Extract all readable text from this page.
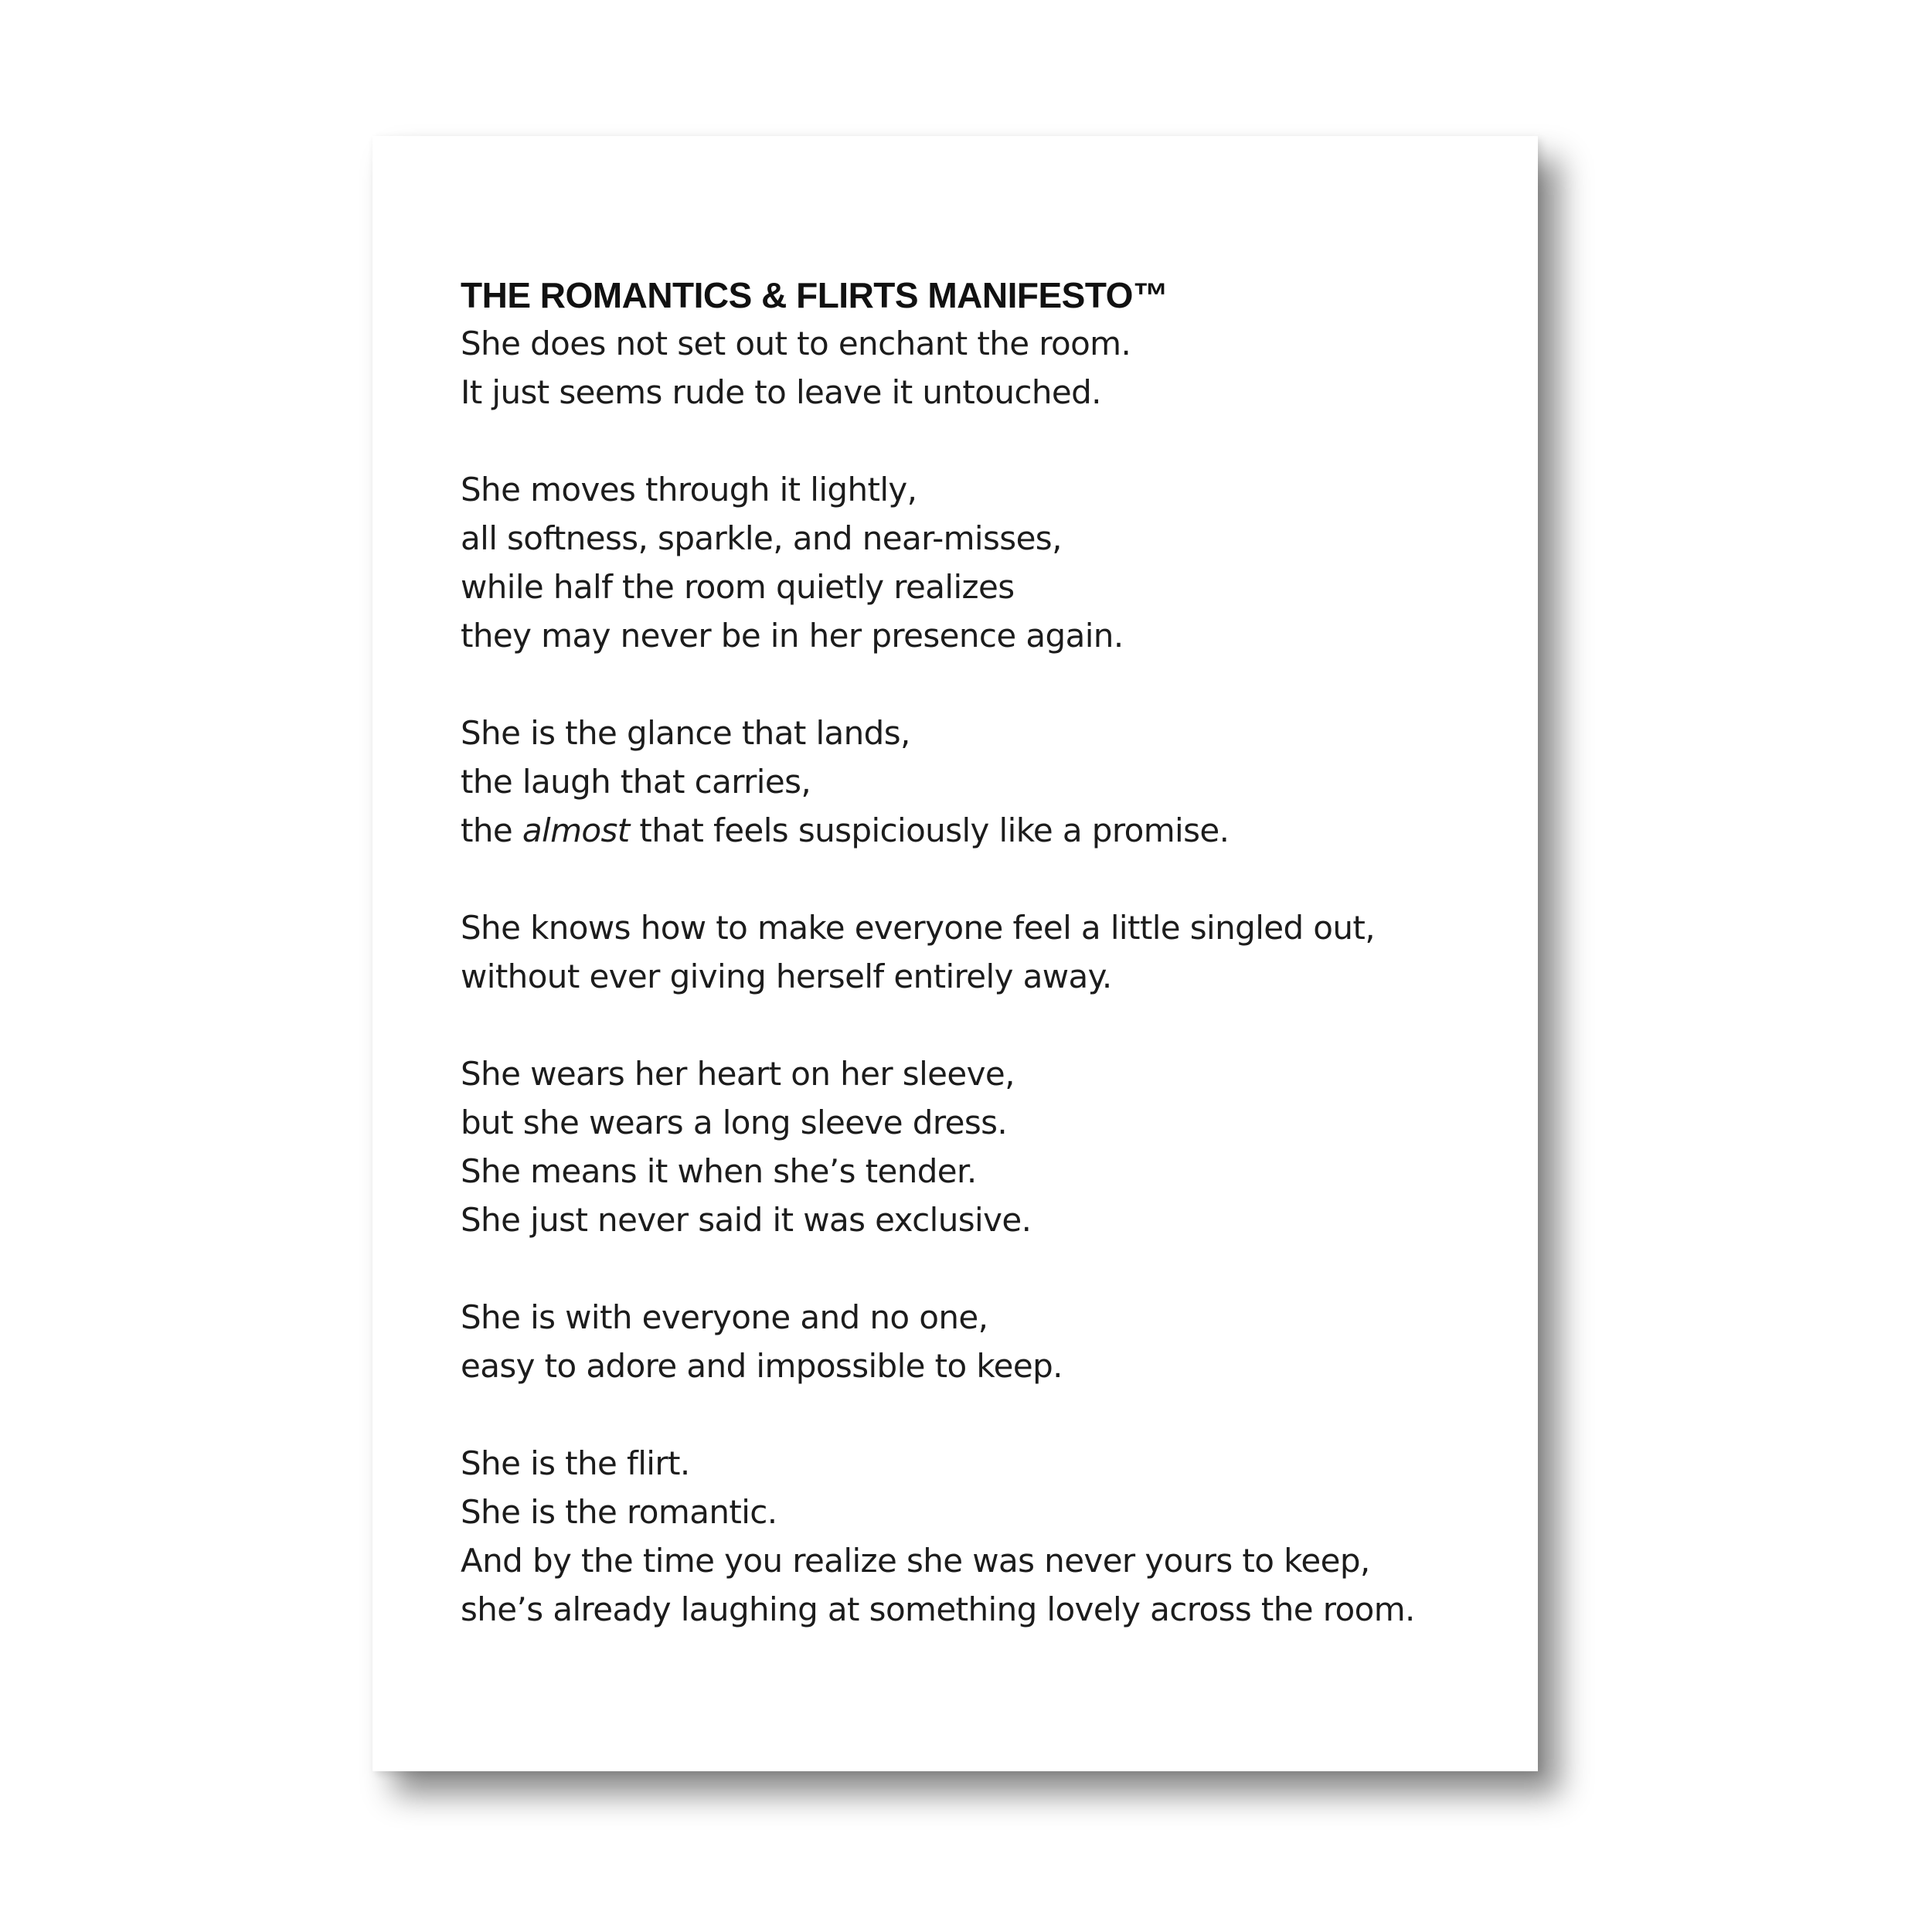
THE ROMANTICS & FLIRTS MANIFESTO™
She does not set out to enchant the room.
It just seems rude to leave it untouched.
She moves through it lightly,
all softness, sparkle, and near-misses,
while half the room quietly realizes
they may never be in her presence again.
She is the glance that lands,
the laugh that carries,
the almost that feels suspiciously like a promise.
She knows how to make everyone feel a little singled out,
without ever giving herself entirely away.
She wears her heart on her sleeve,
but she wears a long sleeve dress.
She means it when she’s tender.
She just never said it was exclusive.
She is with everyone and no one,
easy to adore and impossible to keep.
She is the flirt.
She is the romantic.
And by the time you realize she was never yours to keep,
she’s already laughing at something lovely across the room.
